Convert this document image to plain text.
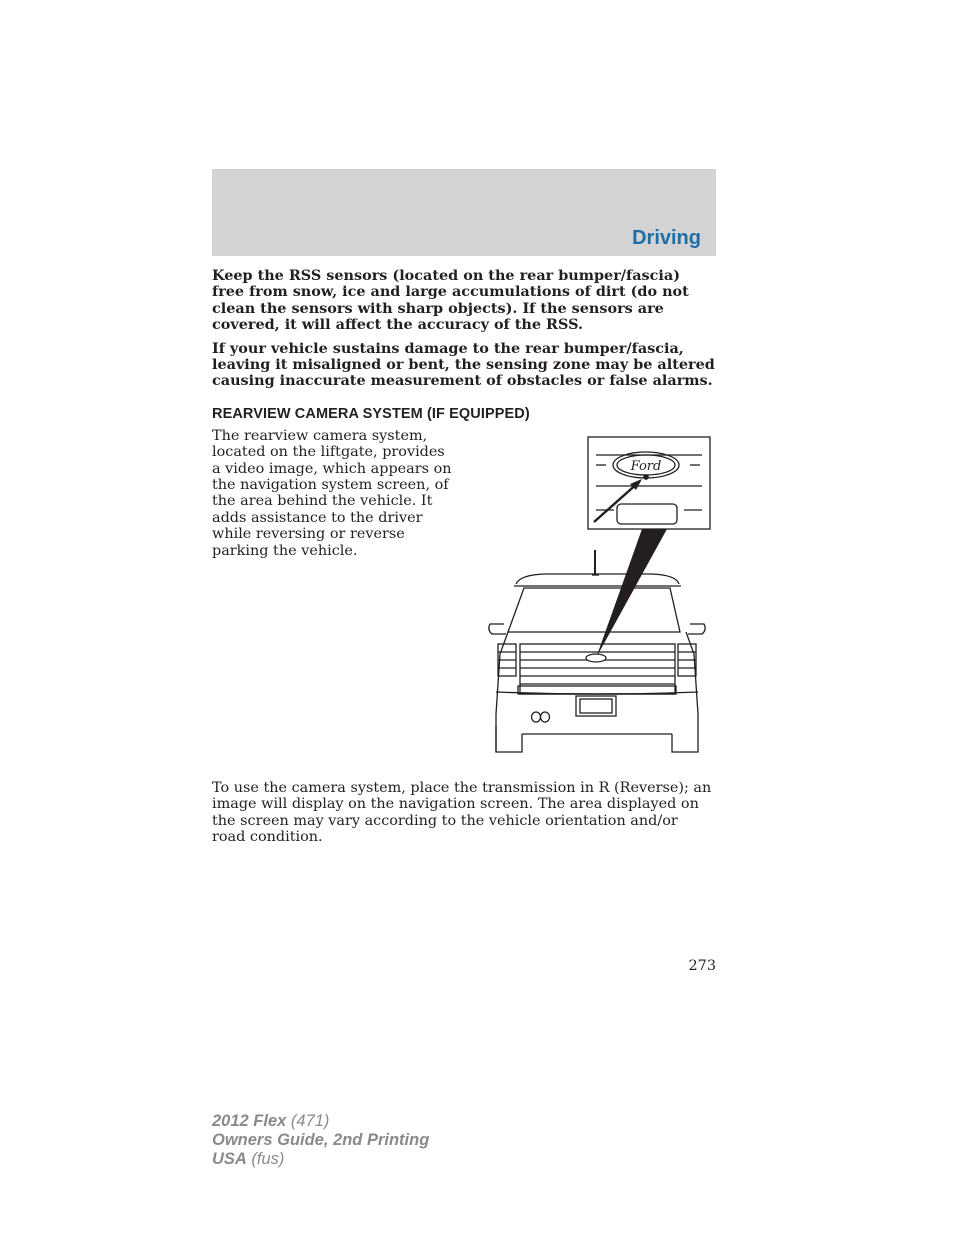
Driving

Keep the RSS sensors (located on the rear bumper/fascia) free from snow, ice and large accumulations of dirt (do not clean the sensors with sharp objects). If the sensors are covered, it will affect the accuracy of the RSS.

If your vehicle sustains damage to the rear bumper/fascia, leaving it misaligned or bent, the sensing zone may be altered causing inaccurate measurement of obstacles or false alarms.

REARVIEW CAMERA SYSTEM (IF EQUIPPED)

The rearview camera system, located on the liftgate, provides a video image, which appears on the navigation system screen, of the area behind the vehicle. It adds assistance to the driver while reversing or reverse parking the vehicle.

Ford

To use the camera system, place the transmission in R (Reverse); an image will display on the navigation screen. The area displayed on the screen may vary according to the vehicle orientation and/or road condition.

273

2012 Flex (471)
Owners Guide, 2nd Printing
USA (fus)
